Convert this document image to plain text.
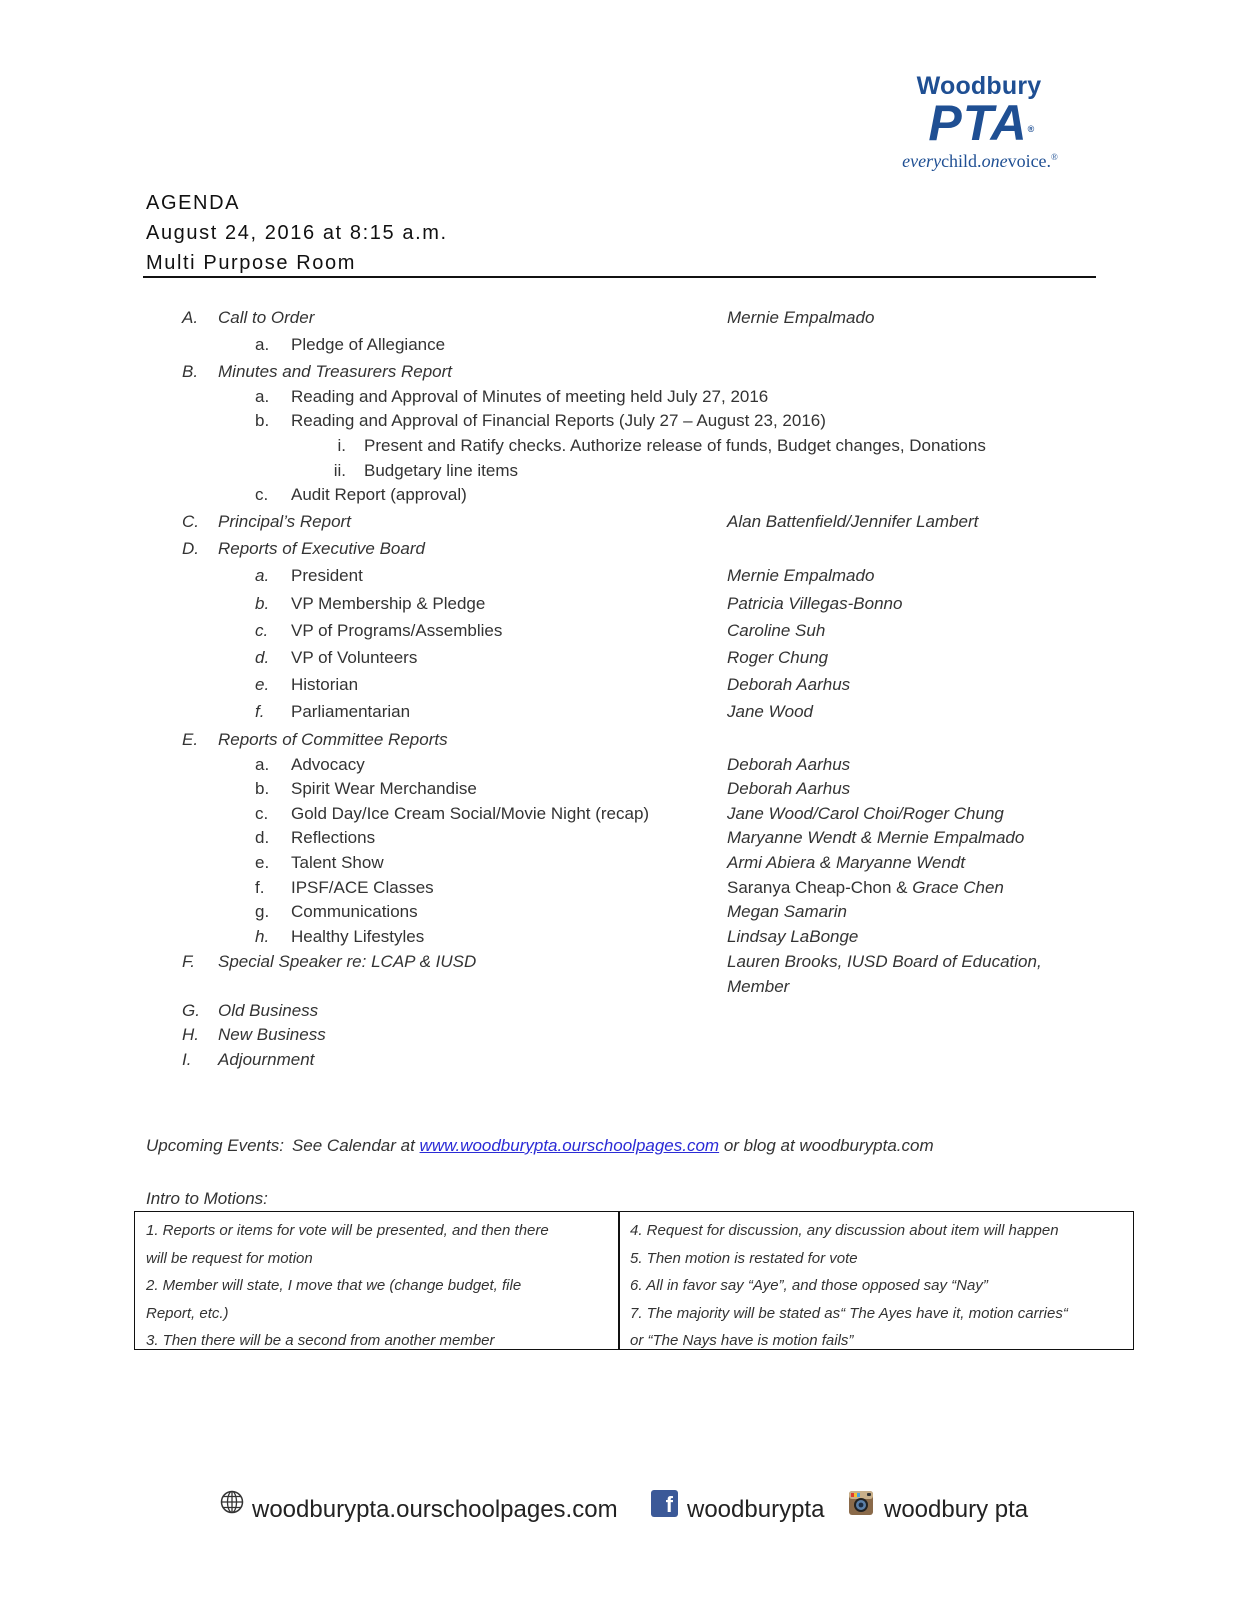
Woodbury
PTA ®
everychild.onevoice.®
AGENDA
August 24, 2016 at 8:15 a.m.
Multi Purpose Room
A. Call to Order	Mernie Empalmado
a. Pledge of Allegiance
B. Minutes and Treasurers Report
a. Reading and Approval of Minutes of meeting held July 27, 2016
b. Reading and Approval of Financial Reports (July 27 – August 23, 2016)
i. Present and Ratify checks. Authorize release of funds, Budget changes, Donations
ii. Budgetary line items
c. Audit Report (approval)
C. Principal’s Report	Alan Battenfield/Jennifer Lambert
D. Reports of Executive Board
a. President	Mernie Empalmado
b. VP Membership & Pledge	Patricia Villegas-Bonno
c. VP of Programs/Assemblies	Caroline Suh
d. VP of Volunteers	Roger Chung
e. Historian	Deborah Aarhus
f. Parliamentarian	Jane Wood
E. Reports of Committee Reports
a. Advocacy	Deborah Aarhus
b. Spirit Wear Merchandise	Deborah Aarhus
c. Gold Day/Ice Cream Social/Movie Night (recap)	Jane Wood/Carol Choi/Roger Chung
d. Reflections	Maryanne Wendt & Mernie Empalmado
e. Talent Show	Armi Abiera & Maryanne Wendt
f. IPSF/ACE Classes	Saranya Cheap-Chon & Grace Chen
g. Communications	Megan Samarin
h. Healthy Lifestyles	Lindsay LaBonge
F. Special Speaker re: LCAP & IUSD	Lauren Brooks, IUSD Board of Education,
Member
G. Old Business
H. New Business
I. Adjournment
Upcoming Events: See Calendar at www.woodburypta.ourschoolpages.com or blog at woodburypta.com
Intro to Motions:
1. Reports or items for vote will be presented, and then there
will be request for motion
2. Member will state, I move that we (change budget, file
Report, etc.)
3. Then there will be a second from another member
4. Request for discussion, any discussion about item will happen
5. Then motion is restated for vote
6. All in favor say “Aye”, and those opposed say “Nay”
7. The majority will be stated as“ The Ayes have it, motion carries“
or “The Nays have is motion fails”
woodburypta.ourschoolpages.com	f woodburypta woodbury pta
